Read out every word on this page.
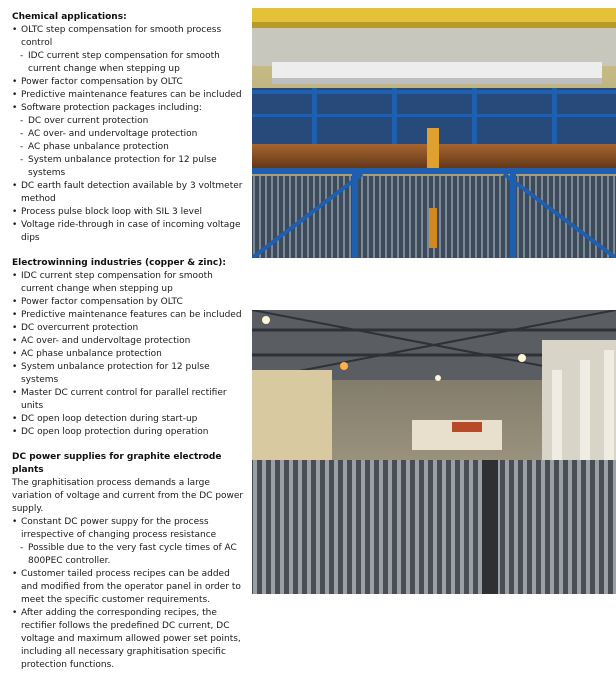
Chemical applications:
• OLTC step compensation for smooth process control
- IDC current step compensation for smooth current change when stepping up
• Power factor compensation by OLTC
• Predictive maintenance features can be included
• Software protection packages including:
- DC over current protection
- AC over- and undervoltage protection
- AC phase unbalance protection
- System unbalance protection for 12 pulse systems
• DC earth fault detection available by 3 voltmeter method
• Process pulse block loop with SIL 3 level
• Voltage ride-through in case of incoming voltage dips
Electrowinning industries (copper & zinc):
• IDC current step compensation for smooth current change when stepping up
• Power factor compensation by OLTC
• Predictive maintenance features can be included
• DC overcurrent protection
• AC over- and undervoltage protection
• AC phase unbalance protection
• System unbalance protection for 12 pulse systems
• Master DC current control for parallel rectifier units
• DC open loop detection during start-up
• DC open loop protection during operation
DC power supplies for graphite electrode plants
The graphitisation process demands a large variation of voltage and current from the DC power supply.
• Constant DC power suppy for the process irrespective of changing process resistance
- Possible due to the very fast cycle times of AC 800PEC controller.
• Customer tailed process recipes can be added and modified from the operator panel in order to meet the specific customer requirements.
• After adding the corresponding recipes, the rectifier follows the predefined DC current, DC voltage and maximum allowed power set points, including all necessary graphitisation specific protection functions.
